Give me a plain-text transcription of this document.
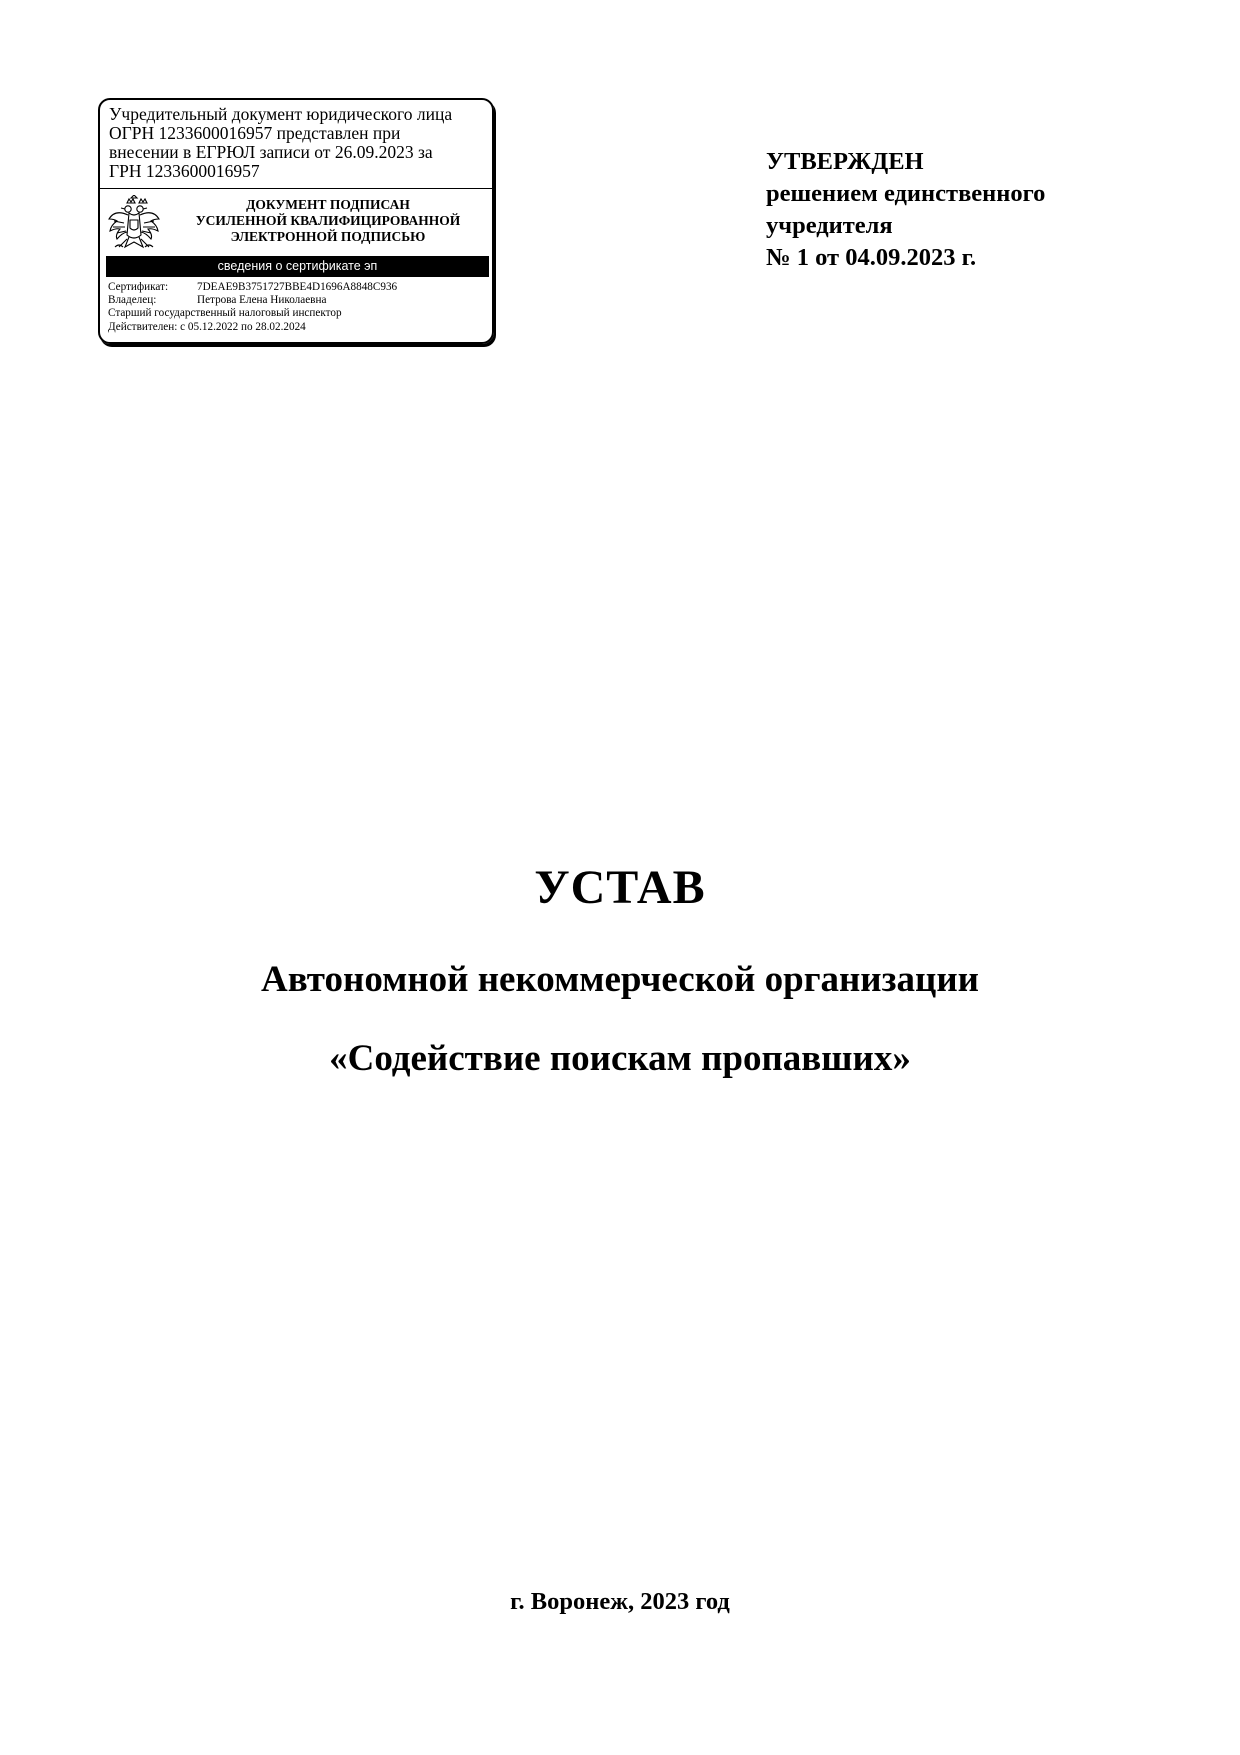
Учредительный документ юридического лица
ОГРН 1233600016957 представлен при
внесении в ЕГРЮЛ записи от 26.09.2023 за
ГРН 1233600016957
ДОКУМЕНТ ПОДПИСАН
УСИЛЕННОЙ КВАЛИФИЦИРОВАННОЙ
ЭЛЕКТРОННОЙ ПОДПИСЬЮ
сведения о сертификате эп
Сертификат:	7DEAE9B3751727BBE4D1696A8848C936
Владелец:	Петрова Елена Николаевна
Старший государственный налоговый инспектор
Действителен: с 05.12.2022 по 28.02.2024
УТВЕРЖДЕН
решением единственного
учредителя
№ 1 от 04.09.2023 г.
УСТАВ
Автономной некоммерческой организации
«Содействие поискам пропавших»
г. Воронеж, 2023 год
